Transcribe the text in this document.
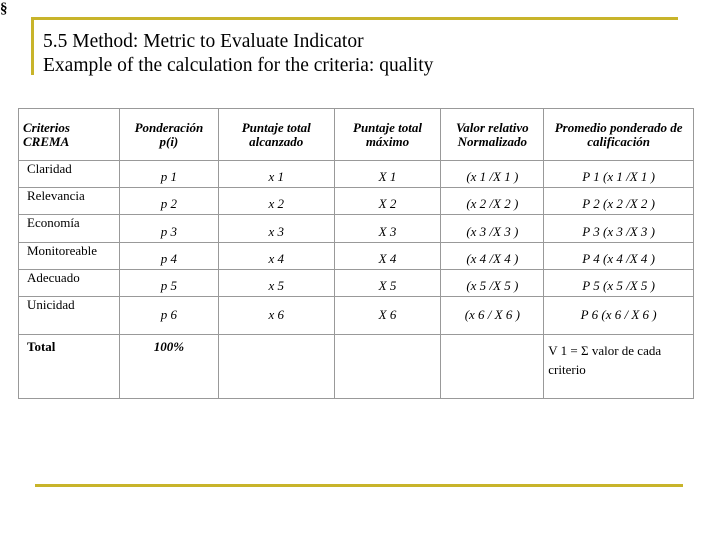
§
5.5 Method: Metric to Evaluate Indicator
Example of the calculation for the criteria: quality
Criterios CREMA	Ponderación p(i)	Puntaje total alcanzado	Puntaje total máximo	Valor relativo Normalizado	Promedio ponderado de calificación
Claridad	p 1	x 1	X 1	(x 1 /X 1 )	P 1 (x 1 /X 1 )
Relevancia	p 2	x 2	X 2	(x 2 /X 2 )	P 2 (x 2 /X 2 )
Economía	p 3	x 3	X 3	(x 3 /X 3 )	P 3 (x 3 /X 3 )
Monitoreable	p 4	x 4	X 4	(x 4 /X 4 )	P 4 (x 4 /X 4 )
Adecuado	p 5	x 5	X 5	(x 5 /X 5 )	P 5 (x 5 /X 5 )
Unicidad	p 6	x 6	X 6	(x 6 / X 6 )	P 6 (x 6 / X 6 )
Total	100%				V 1 = Σ valor de cada
criterio
